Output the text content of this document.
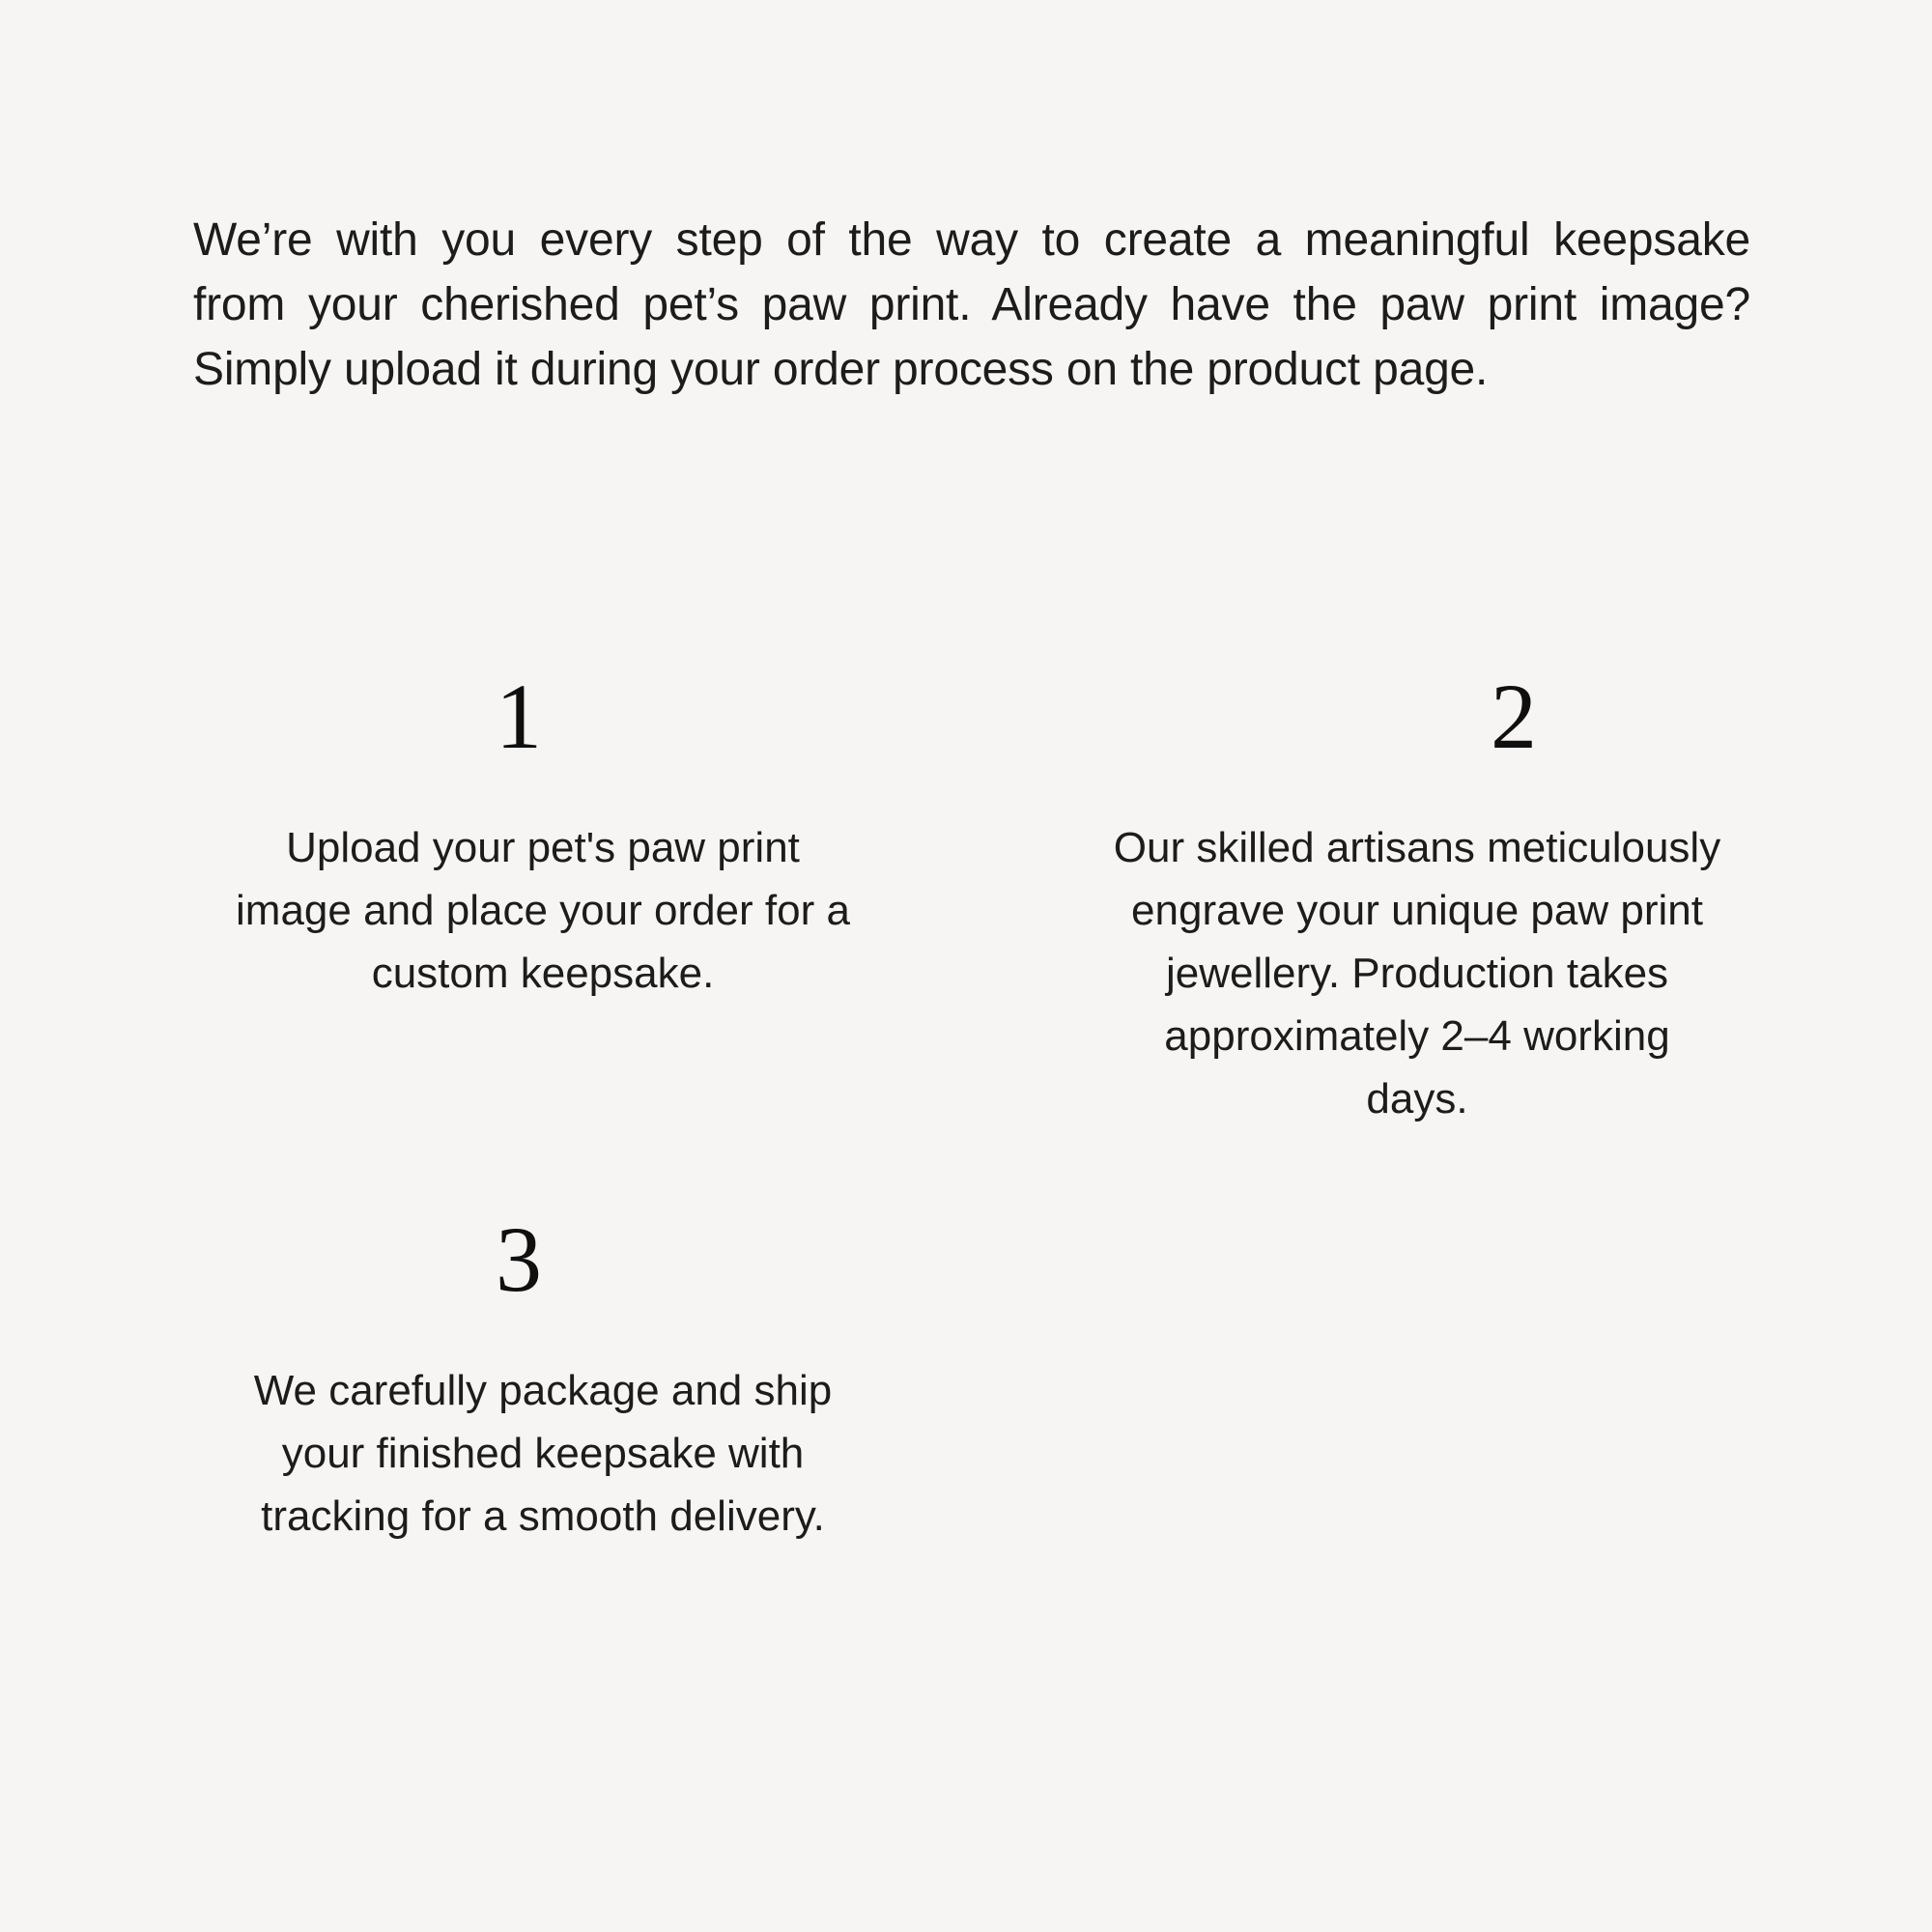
We’re with you every step of the way to create a meaningful keepsake
from your cherished pet’s paw print. Already have the paw print image?
Simply upload it during your order process on the product page.
1
Upload your pet's paw print
image and place your order for a
custom keepsake.
2
Our skilled artisans meticulously
engrave your unique paw print
jewellery. Production takes
approximately 2–4 working
days.
3
We carefully package and ship
your finished keepsake with
tracking for a smooth delivery.
